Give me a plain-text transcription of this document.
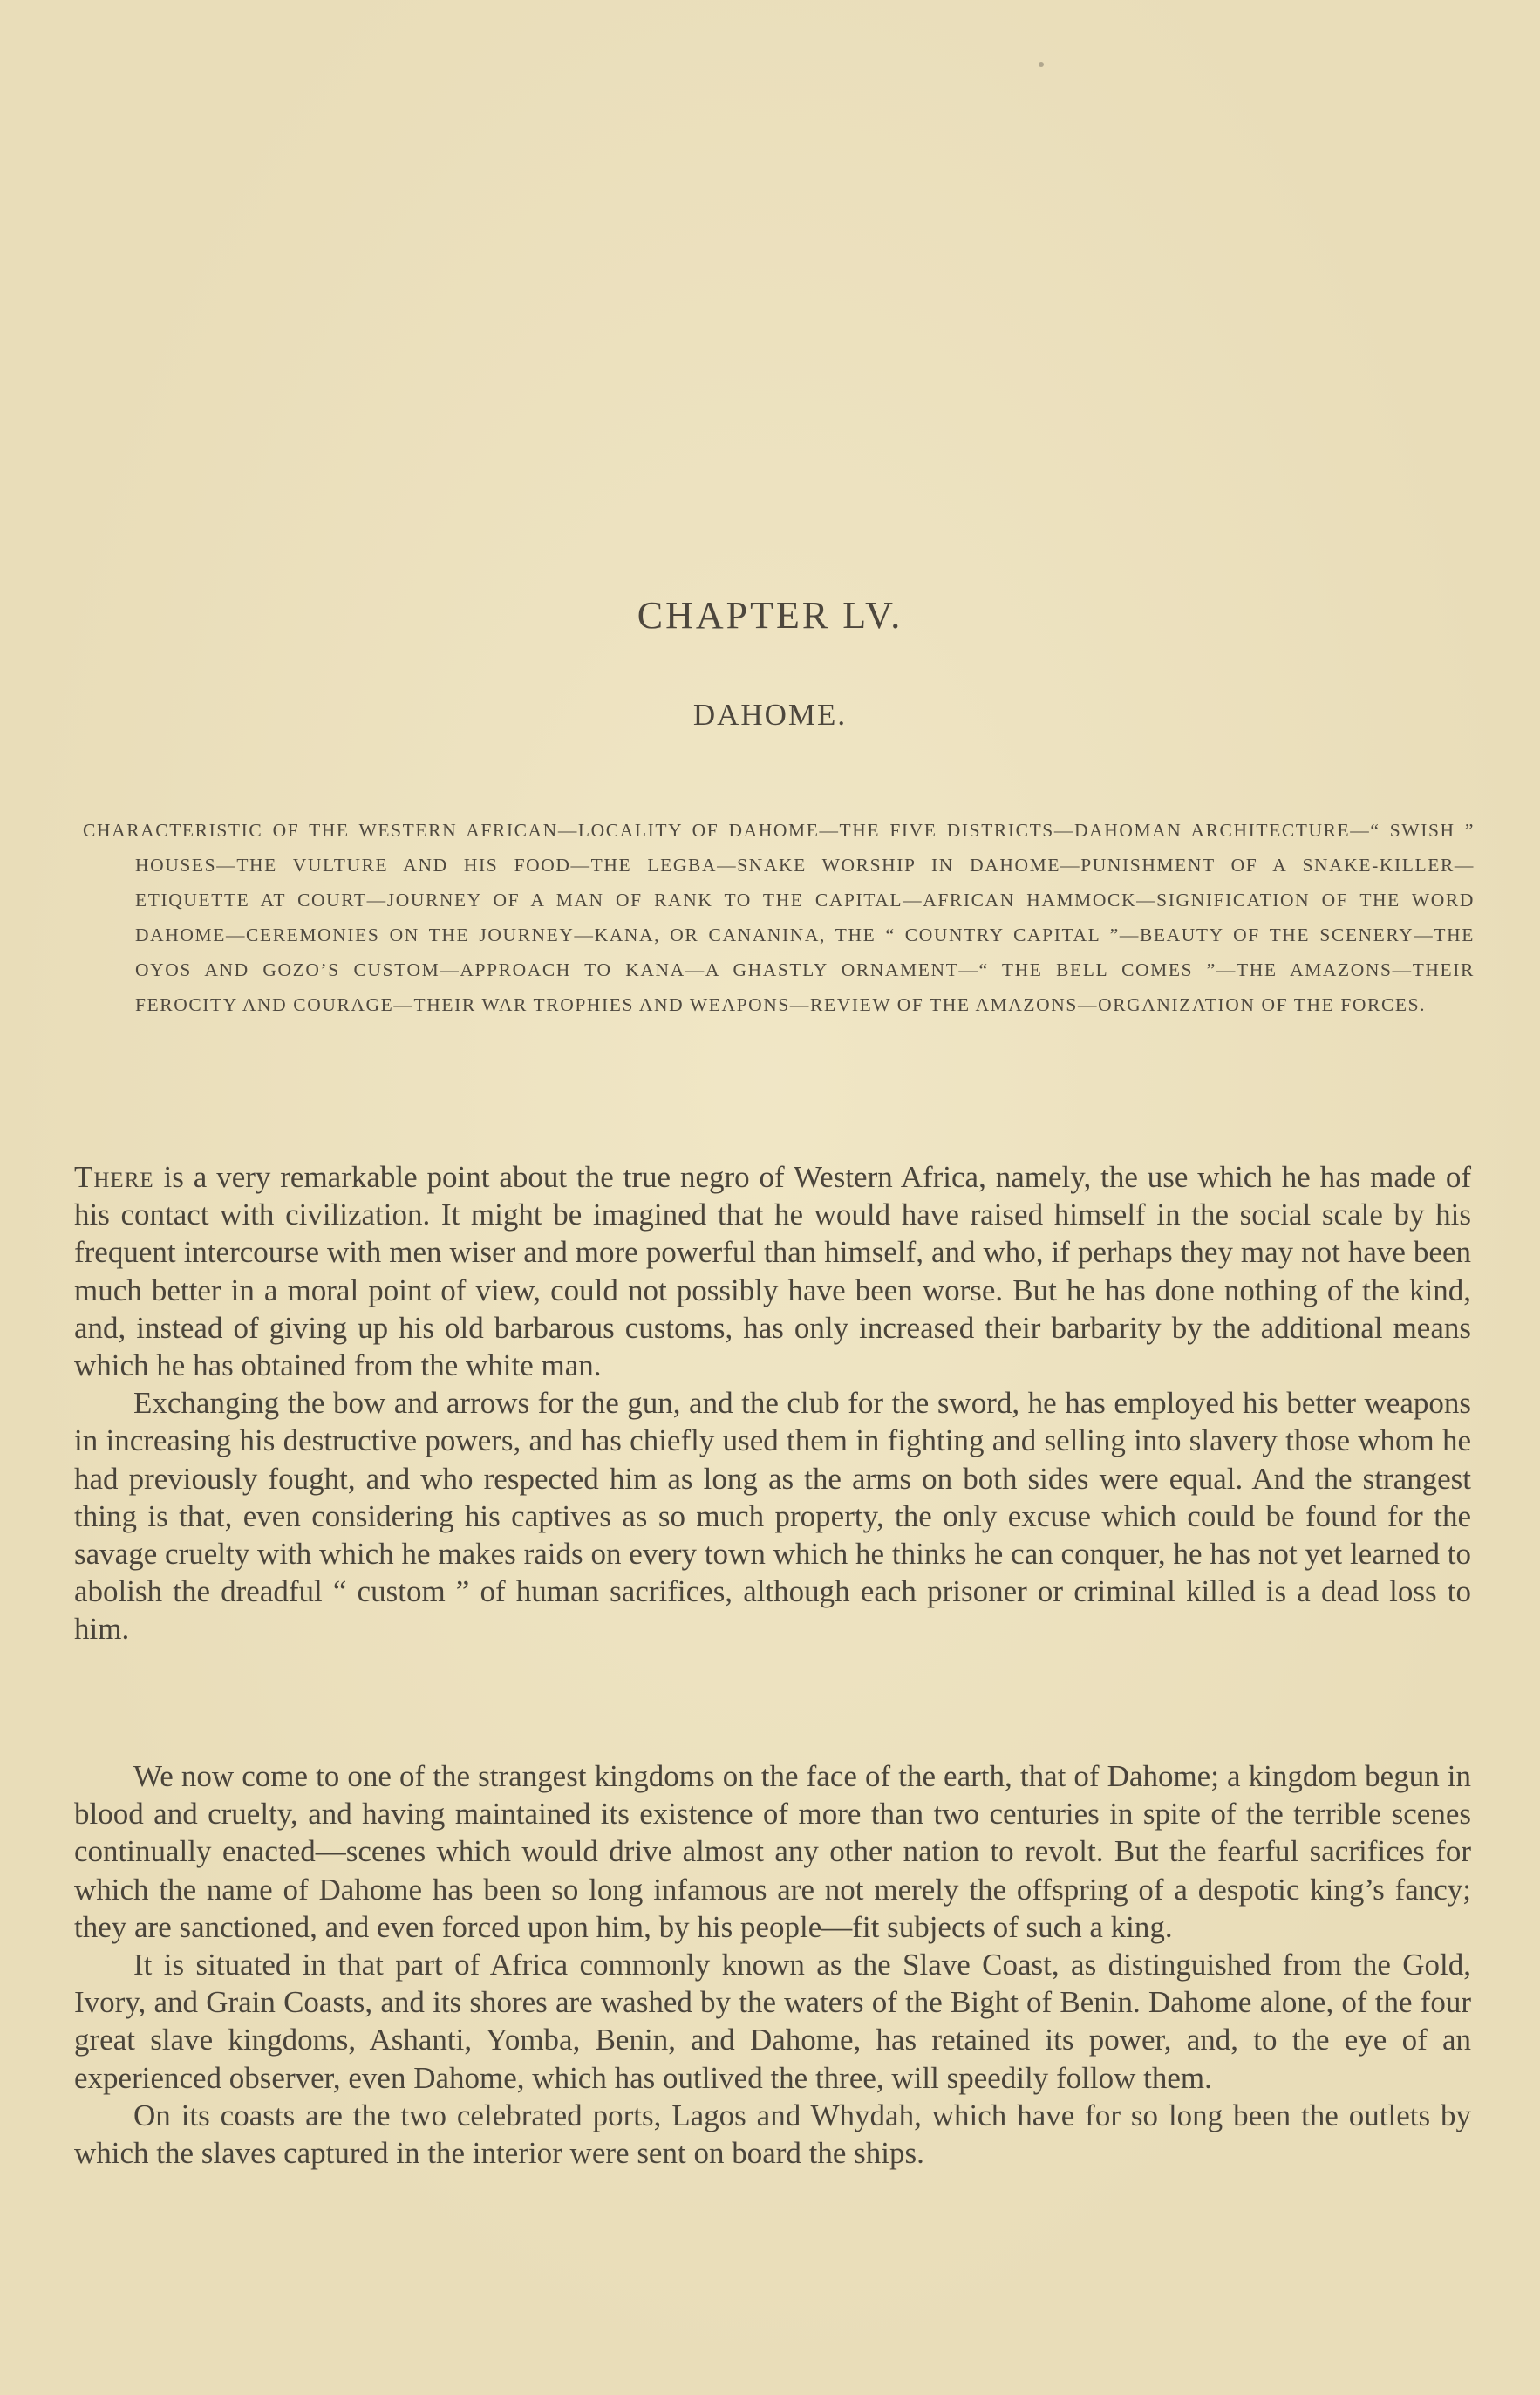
CHAPTER LV.
DAHOME.
CHARACTERISTIC OF THE WESTERN AFRICAN—LOCALITY OF DAHOME—THE FIVE DISTRICTS—DAHOMAN ARCHITECTURE—“ SWISH ” HOUSES—THE VULTURE AND HIS FOOD—THE LEGBA—SNAKE WORSHIP IN DAHOME—PUNISHMENT OF A SNAKE-KILLER—ETIQUETTE AT COURT—JOURNEY OF A MAN OF RANK TO THE CAPITAL—AFRICAN HAMMOCK—SIGNIFICATION OF THE WORD DAHOME—CEREMONIES ON THE JOURNEY—KANA, OR CANANINA, THE “ COUNTRY CAPITAL ”—BEAUTY OF THE SCENERY—THE OYOS AND GOZO’S CUSTOM—APPROACH TO KANA—A GHASTLY ORNAMENT—“ THE BELL COMES ”—THE AMAZONS—THEIR FEROCITY AND COURAGE—THEIR WAR TROPHIES AND WEAPONS—REVIEW OF THE AMAZONS—ORGANIZATION OF THE FORCES.

There is a very remarkable point about the true negro of Western Africa, namely, the use which he has made of his contact with civilization. It might be imagined that he would have raised himself in the social scale by his frequent intercourse with men wiser and more powerful than himself, and who, if perhaps they may not have been much better in a moral point of view, could not possibly have been worse. But he has done nothing of the kind, and, instead of giving up his old barbarous customs, has only increased their barbarity by the additional means which he has obtained from the white man.

Exchanging the bow and arrows for the gun, and the club for the sword, he has employed his better weapons in increasing his destructive powers, and has chiefly used them in fighting and selling into slavery those whom he had previously fought, and who respected him as long as the arms on both sides were equal. And the strangest thing is that, even considering his captives as so much property, the only excuse which could be found for the savage cruelty with which he makes raids on every town which he thinks he can conquer, he has not yet learned to abolish the dreadful “ custom ” of human sacrifices, although each prisoner or criminal killed is a dead loss to him.

We now come to one of the strangest kingdoms on the face of the earth, that of Dahome; a kingdom begun in blood and cruelty, and having maintained its existence of more than two centuries in spite of the terrible scenes continually enacted—scenes which would drive almost any other nation to revolt. But the fearful sacrifices for which the name of Dahome has been so long infamous are not merely the offspring of a despotic king’s fancy; they are sanctioned, and even forced upon him, by his people—fit subjects of such a king.

It is situated in that part of Africa commonly known as the Slave Coast, as distinguished from the Gold, Ivory, and Grain Coasts, and its shores are washed by the waters of the Bight of Benin. Dahome alone, of the four great slave kingdoms, Ashanti, Yomba, Benin, and Dahome, has retained its power, and, to the eye of an experienced observer, even Dahome, which has outlived the three, will speedily follow them.

On its coasts are the two celebrated ports, Lagos and Whydah, which have for so long been the outlets by which the slaves captured in the interior were sent on board the ships.
